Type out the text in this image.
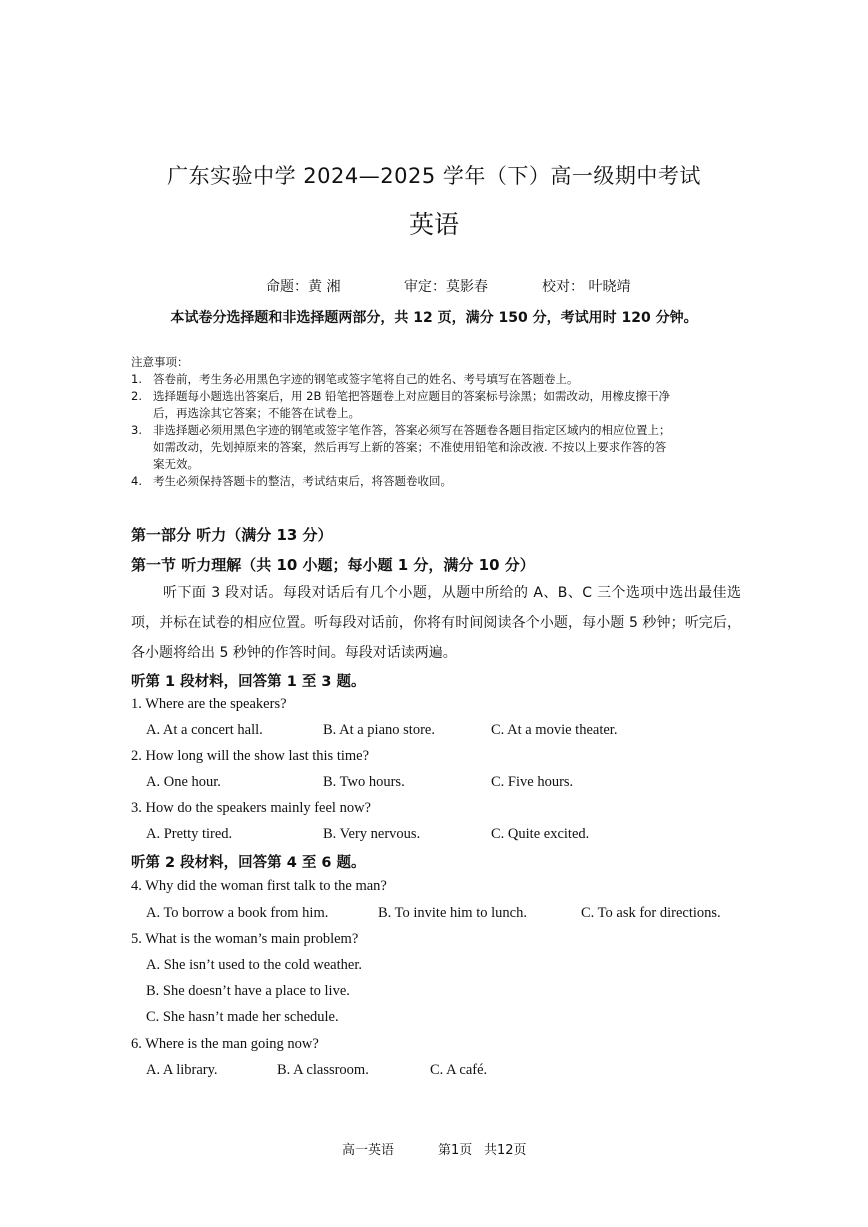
广东实验中学 2024—2025 学年（下）高一级期中考试
英语
命题：黄 湘	审定：莫影春	校对： 叶晓靖
本试卷分选择题和非选择题两部分，共 12 页，满分 150 分，考试用时 120 分钟。
注意事项：
1. 答卷前，考生务必用黑色字迹的钢笔或签字笔将自己的姓名、考号填写在答题卷上。
2. 选择题每小题选出答案后，用 2B 铅笔把答题卷上对应题目的答案标号涂黑；如需改动，用橡皮擦干净
后，再选涂其它答案；不能答在试卷上。
3. 非选择题必须用黑色字迹的钢笔或签字笔作答，答案必须写在答题卷各题目指定区域内的相应位置上；
如需改动，先划掉原来的答案，然后再写上新的答案；不准使用铅笔和涂改液. 不按以上要求作答的答
案无效。
4. 考生必须保持答题卡的整洁，考试结束后，将答题卷收回。
第一部分 听力（满分 13 分）
第一节 听力理解（共 10 小题；每小题 1 分，满分 10 分）
听下面 3 段对话。每段对话后有几个小题，从题中所给的 A、B、C 三个选项中选出最佳选项，并标在试卷的相应位置。听每段对话前，你将有时间阅读各个小题，每小题 5 秒钟；听完后，各小题将给出 5 秒钟的作答时间。每段对话读两遍。
听第 1 段材料，回答第 1 至 3 题。
1. Where are the speakers?
A. At a concert hall.	B. At a piano store.	C. At a movie theater.
2. How long will the show last this time?
A. One hour.	B. Two hours.	C. Five hours.
3. How do the speakers mainly feel now?
A. Pretty tired.	B. Very nervous.	C. Quite excited.
听第 2 段材料，回答第 4 至 6 题。
4. Why did the woman first talk to the man?
A. To borrow a book from him.	B. To invite him to lunch.	C. To ask for directions.
5. What is the woman’s main problem?
A. She isn’t used to the cold weather.
B. She doesn’t have a place to live.
C. She hasn’t made her schedule.
6. Where is the man going now?
A. A library.	B. A classroom.	C. A café.
高一英语	第1页 共12页
